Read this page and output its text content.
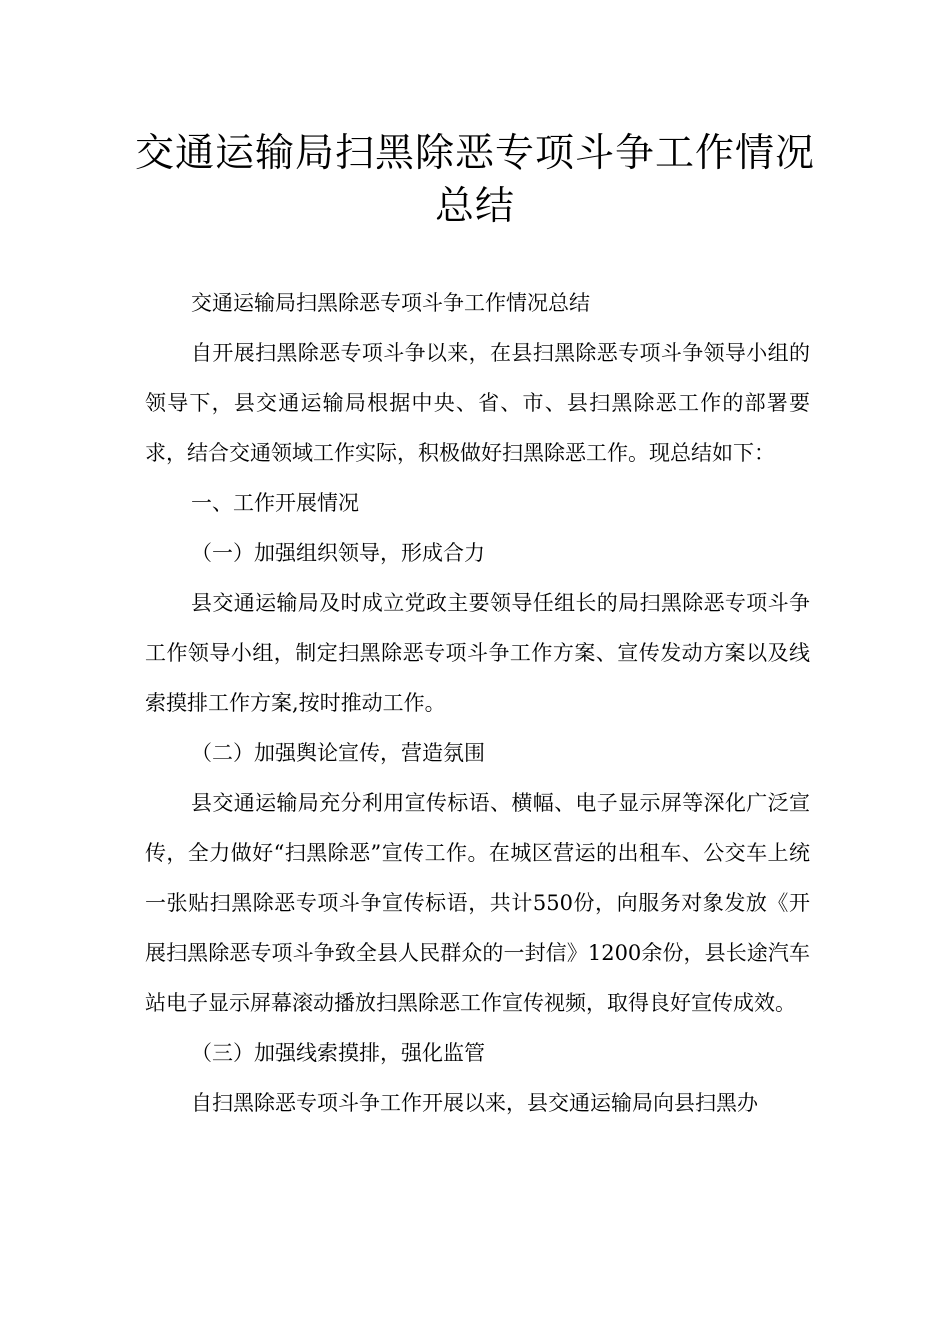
交通运输局扫黑除恶专项斗争工作情况
总结

交通运输局扫黑除恶专项斗争工作情况总结

自开展扫黑除恶专项斗争以来，在县扫黑除恶专项斗争领导小组的领导下，县交通运输局根据中央、省、市、县扫黑除恶工作的部署要求，结合交通领域工作实际，积极做好扫黑除恶工作。现总结如下：

一、工作开展情况

（一）加强组织领导，形成合力

县交通运输局及时成立党政主要领导任组长的局扫黑除恶专项斗争工作领导小组，制定扫黑除恶专项斗争工作方案、宣传发动方案以及线索摸排工作方案,按时推动工作。

（二）加强舆论宣传，营造氛围

县交通运输局充分利用宣传标语、横幅、电子显示屏等深化广泛宣传，全力做好“扫黑除恶”宣传工作。在城区营运的出租车、公交车上统一张贴扫黑除恶专项斗争宣传标语，共计550份，向服务对象发放《开展扫黑除恶专项斗争致全县人民群众的一封信》1200余份，县长途汽车站电子显示屏幕滚动播放扫黑除恶工作宣传视频，取得良好宣传成效。

（三）加强线索摸排，强化监管

自扫黑除恶专项斗争工作开展以来，县交通运输局向县扫黑办
